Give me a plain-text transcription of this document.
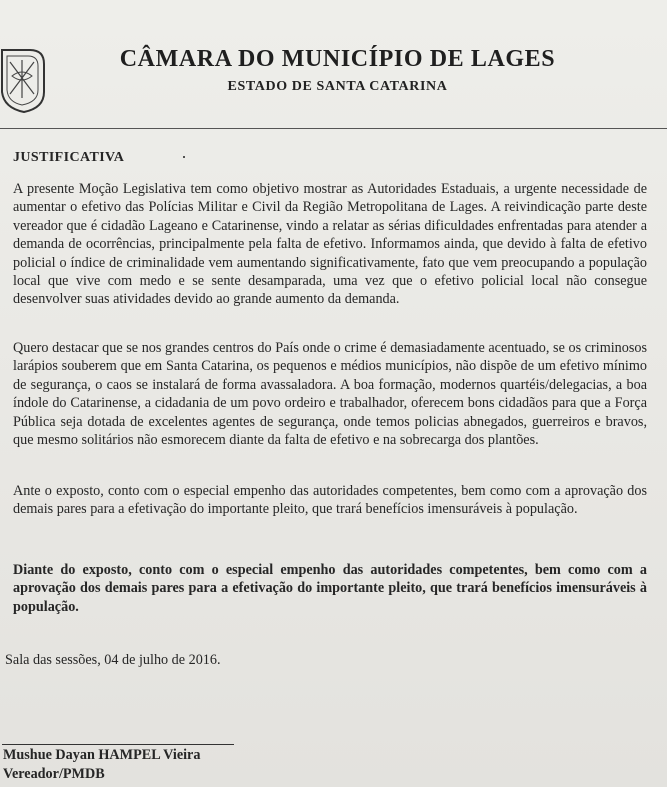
CÂMARA DO MUNICÍPIO DE LAGES
ESTADO DE SANTA CATARINA
JUSTIFICATIVA

A presente Moção Legislativa tem como objetivo mostrar as Autoridades Estaduais, a urgente necessidade de aumentar o efetivo das Polícias Militar e Civil da Região Metropolitana de Lages. A reivindicação parte deste vereador que é cidadão Lageano e Catarinense, vindo a relatar as sérias dificuldades enfrentadas para atender a demanda de ocorrências, principalmente pela falta de efetivo. Informamos ainda, que devido à falta de efetivo policial o índice de criminalidade vem aumentando significativamente, fato que vem preocupando a população local que vive com medo e se sente desamparada, uma vez que o efetivo policial local não consegue desenvolver suas atividades devido ao grande aumento da demanda.

Quero destacar que se nos grandes centros do País onde o crime é demasiadamente acentuado, se os criminosos larápios souberem que em Santa Catarina, os pequenos e médios municípios, não dispõe de um efetivo mínimo de segurança, o caos se instalará de forma avassaladora. A boa formação, modernos quartéis/delegacias, a boa índole do Catarinense, a cidadania de um povo ordeiro e trabalhador, oferecem bons cidadãos para que a Força Pública seja dotada de excelentes agentes de segurança, onde temos policias abnegados, guerreiros e bravos, que mesmo solitários não esmorecem diante da falta de efetivo e na sobrecarga dos plantões.

Ante o exposto, conto com o especial empenho das autoridades competentes, bem como com a aprovação dos demais pares para a efetivação do importante pleito, que trará benefícios imensuráveis à população.

Diante do exposto, conto com o especial empenho das autoridades competentes, bem como com a aprovação dos demais pares para a efetivação do importante pleito, que trará benefícios imensuráveis à população.

Sala das sessões, 04 de julho de 2016.

Mushue Dayan HAMPEL Vieira

Vereador/PMDB
